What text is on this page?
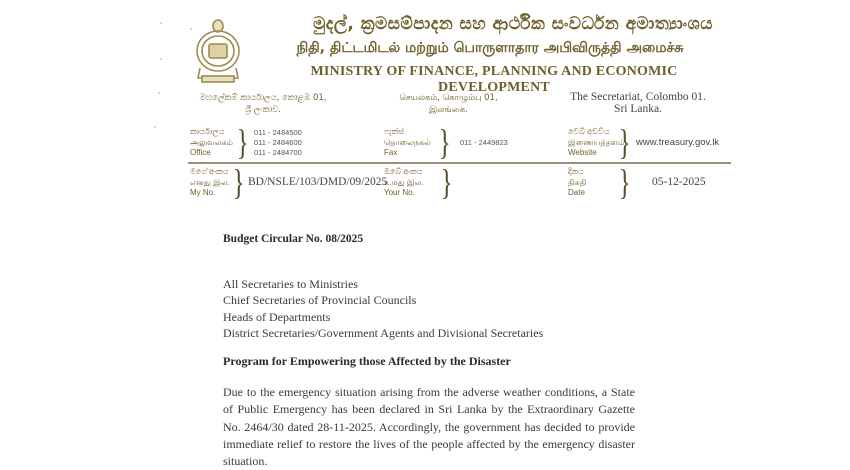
මුදල්, ක්‍රමසම්පාදන සහ ආර්ථික සංවර්ධන අමාත්‍යාංශය
நிதி, திட்டமிடல் மற்றும் பொருளாதார அபிவிருத்தி அமைச்சு
MINISTRY OF FINANCE, PLANNING AND ECONOMIC DEVELOPMENT
මහලේකම් කාර්යාලය, කොළඹ 01,
ශ්‍රී ලංකාව.
செயலகம், கொழும்பு 01,
இலங்கை.
The Secretariat, Colombo 01.
Sri Lanka.
කාර්යාලය
அலுவலகம்
Office } 011 - 2484500
011 - 2484600
011 - 2484700
ෆැක්ස්
தொலைநகல்
Fax	} 011 - 2449823
වෙබ් අඩවිය
இணையத்தளம்
Website } www.treasury.gov.lk
මගේ අංකය
எனது இல.
My No. } BD/NSLE/103/DMD/09/2025
ඔබේ අංකය
உமது இல.
Your No. }	දිනය
திகதி
Date } 05-12-2025
Budget Circular No. 08/2025
All Secretaries to Ministries
Chief Secretaries of Provincial Councils
Heads of Departments
District Secretaries/Government Agents and Divisional Secretaries
Program for Empowering those Affected by the Disaster
Due to the emergency situation arising from the adverse weather conditions, a State of Public Emergency has been declared in Sri Lanka by the Extraordinary Gazette No. 2464/30 dated 28-11-2025. Accordingly, the government has decided to provide immediate relief to restore the lives of the people affected by the emergency disaster situation.
